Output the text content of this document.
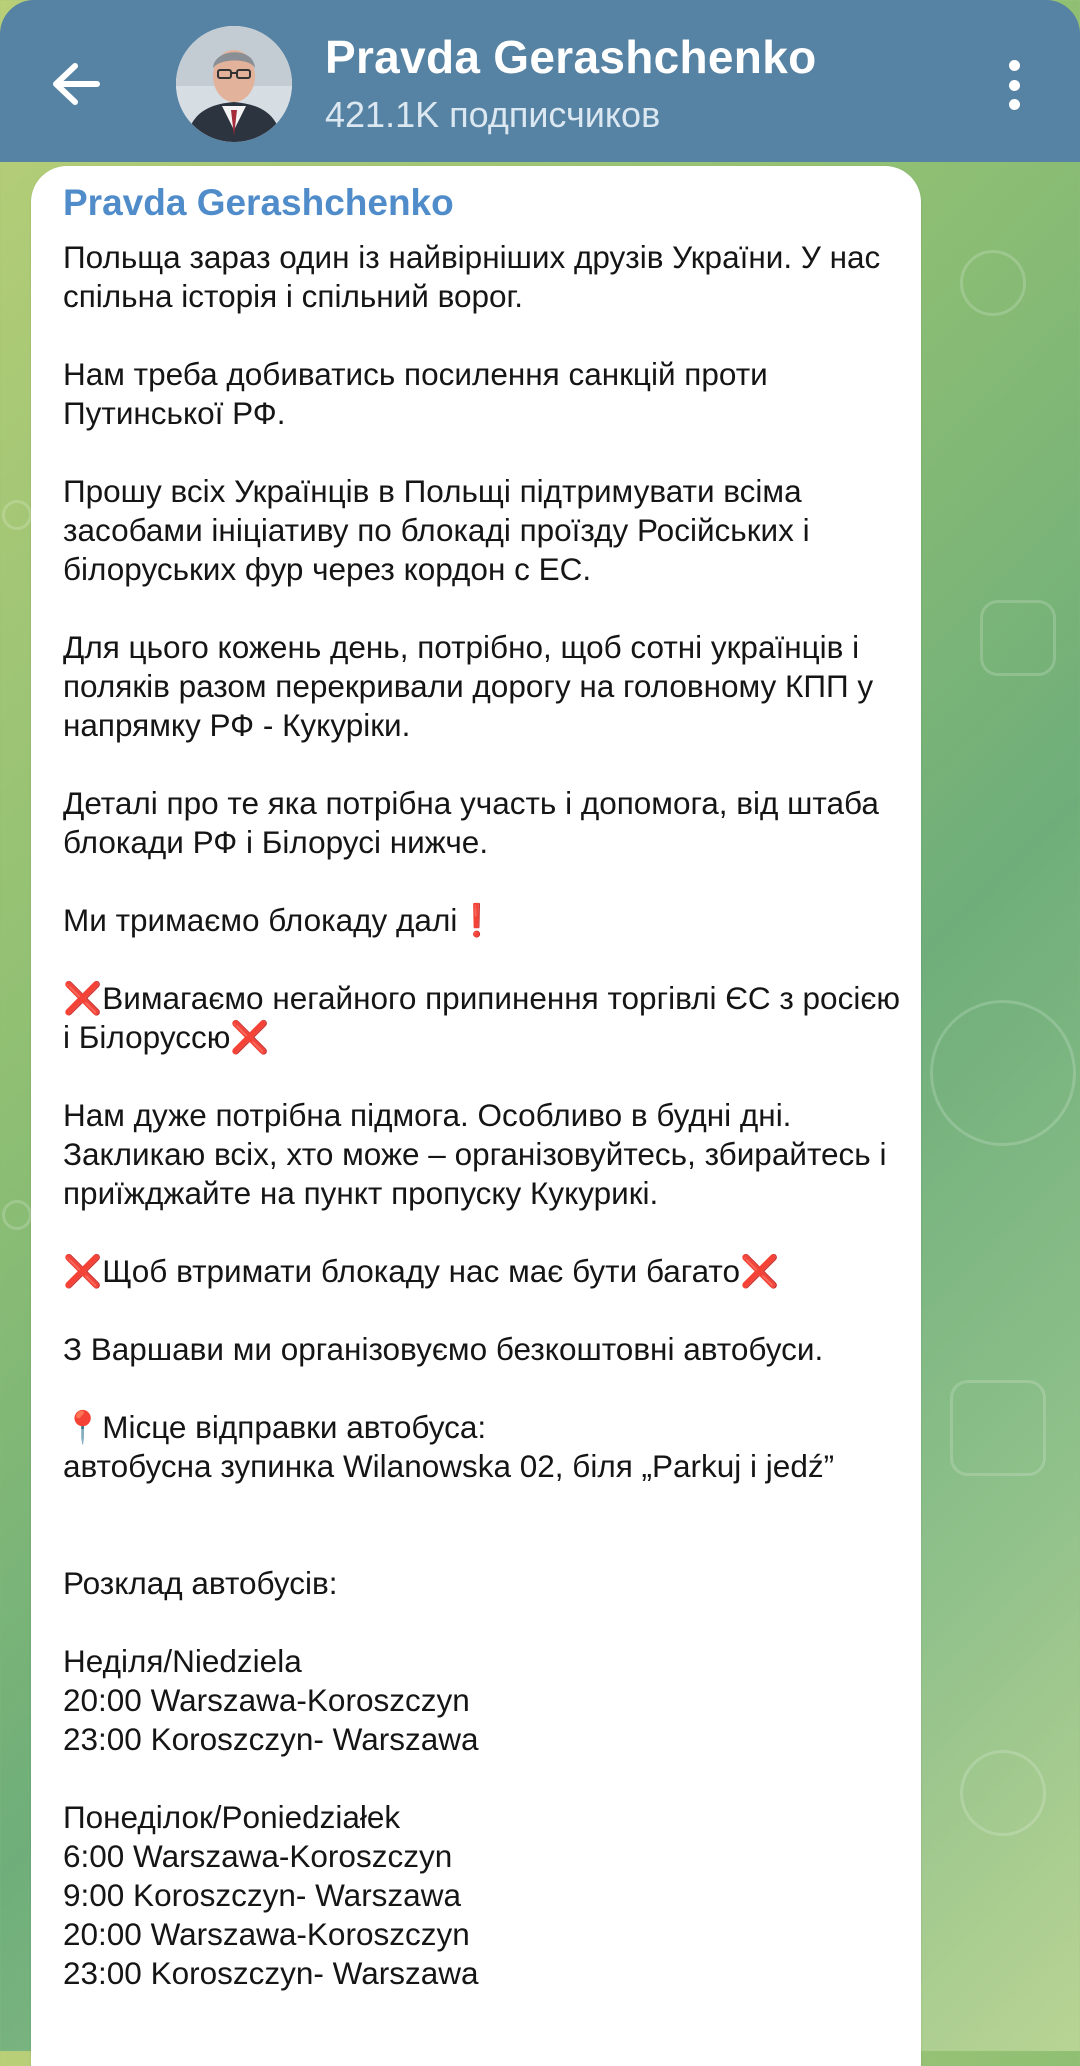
Pravda Gerashchenko
421.1K подписчиков
Pravda Gerashchenko
Польща зараз один із найвірніших друзів України. У нас спільна історія і спільний ворог.
Нам треба добиватись посилення санкцій проти Путинської РФ.
Прошу всіх Українців в Польщі підтримувати всіма засобами ініціативу по блокаді проїзду Російських і білоруських фур через кордон с ЕС.
Для цього кожень день, потрібно, щоб сотні українців і поляків разом перекривали дорогу на головному КПП у напрямку РФ - Кукуріки.
Деталі про те яка потрібна участь і допомога, від штаба блокади РФ і Білорусі нижче.
Ми тримаємо блокаду далі❗
❌Вимагаємо негайного припинення торгівлі ЄС з росією і Білоруссю❌
Нам дуже потрібна підмога. Особливо в будні дні. Закликаю всіх, хто може – організовуйтесь, збирайтесь і приїжджайте на пункт пропуску Кукурикі.
❌Щоб втримати блокаду нас має бути багато❌
З Варшави ми організовуємо безкоштовні автобуси.
📍Місце відправки автобуса:
автобусна зупинка Wilanowska 02, біля „Parkuj i jedź”
Розклад автобусів:
Неділя/Niedziela
20:00 Warszawa-Koroszczyn
23:00 Koroszczyn- Warszawa
Понеділок/Poniedziałek
6:00 Warszawa-Koroszczyn
9:00 Koroszczyn- Warszawa
20:00 Warszawa-Koroszczyn
23:00 Koroszczyn- Warszawa
